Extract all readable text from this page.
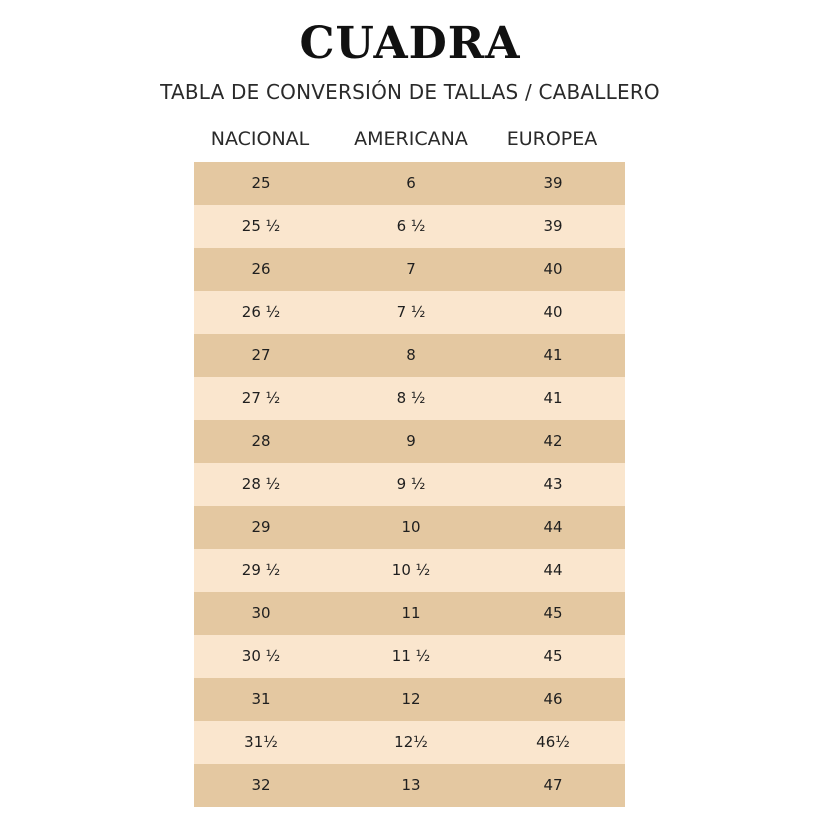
CUADRA
TABLA DE CONVERSIÓN DE TALLAS / CABALLERO
NACIONAL AMERICANA EUROPEA
25	6	39
25 ½	6 ½	39
26	7	40
26 ½	7 ½	40
27	8	41
27 ½	8 ½	41
28	9	42
28 ½	9 ½	43
29	10	44
29 ½	10 ½	44
30	11	45
30 ½	11 ½	45
31	12	46
31½	12½	46½
32	13	47
